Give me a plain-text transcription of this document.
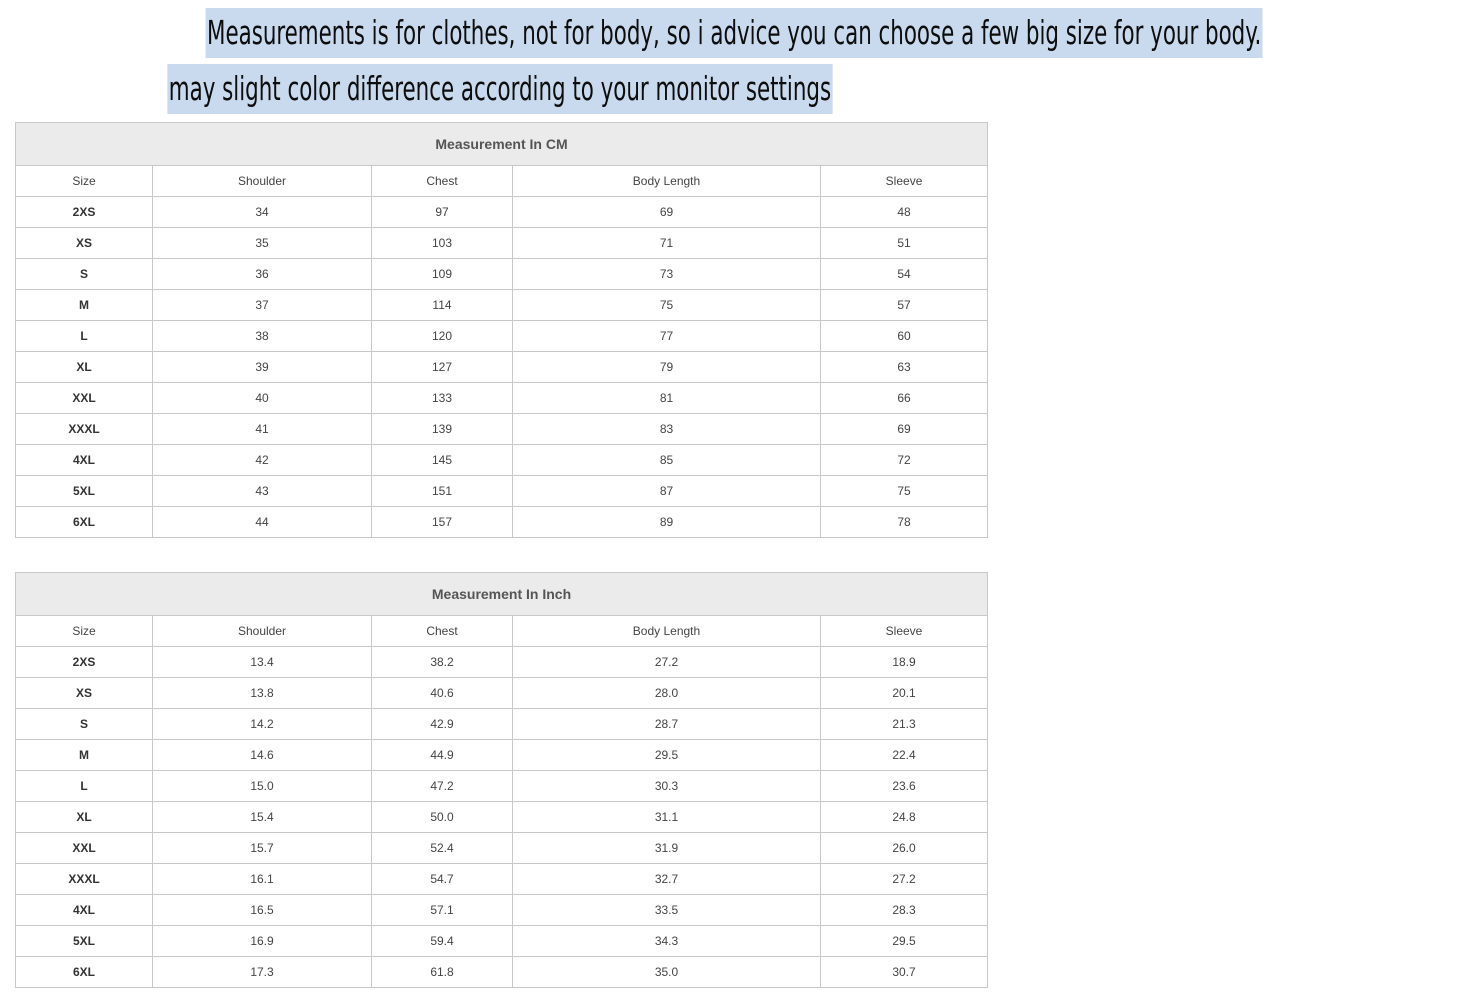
Measurements is for clothes, not for body, so i advice you can choose a few big size for your body.
may slight color difference according to your monitor settings
Measurement In CM				
Size	Shoulder	Chest	Body Length	Sleeve
2XS	34	97	69	48
XS	35	103	71	51
S	36	109	73	54
M	37	114	75	57
L	38	120	77	60
XL	39	127	79	63
XXL	40	133	81	66
XXXL	41	139	83	69
4XL	42	145	85	72
5XL	43	151	87	75
6XL	44	157	89	78
Measurement In Inch				
Size	Shoulder	Chest	Body Length	Sleeve
2XS	13.4	38.2	27.2	18.9
XS	13.8	40.6	28.0	20.1
S	14.2	42.9	28.7	21.3
M	14.6	44.9	29.5	22.4
L	15.0	47.2	30.3	23.6
XL	15.4	50.0	31.1	24.8
XXL	15.7	52.4	31.9	26.0
XXXL	16.1	54.7	32.7	27.2
4XL	16.5	57.1	33.5	28.3
5XL	16.9	59.4	34.3	29.5
6XL	17.3	61.8	35.0	30.7
